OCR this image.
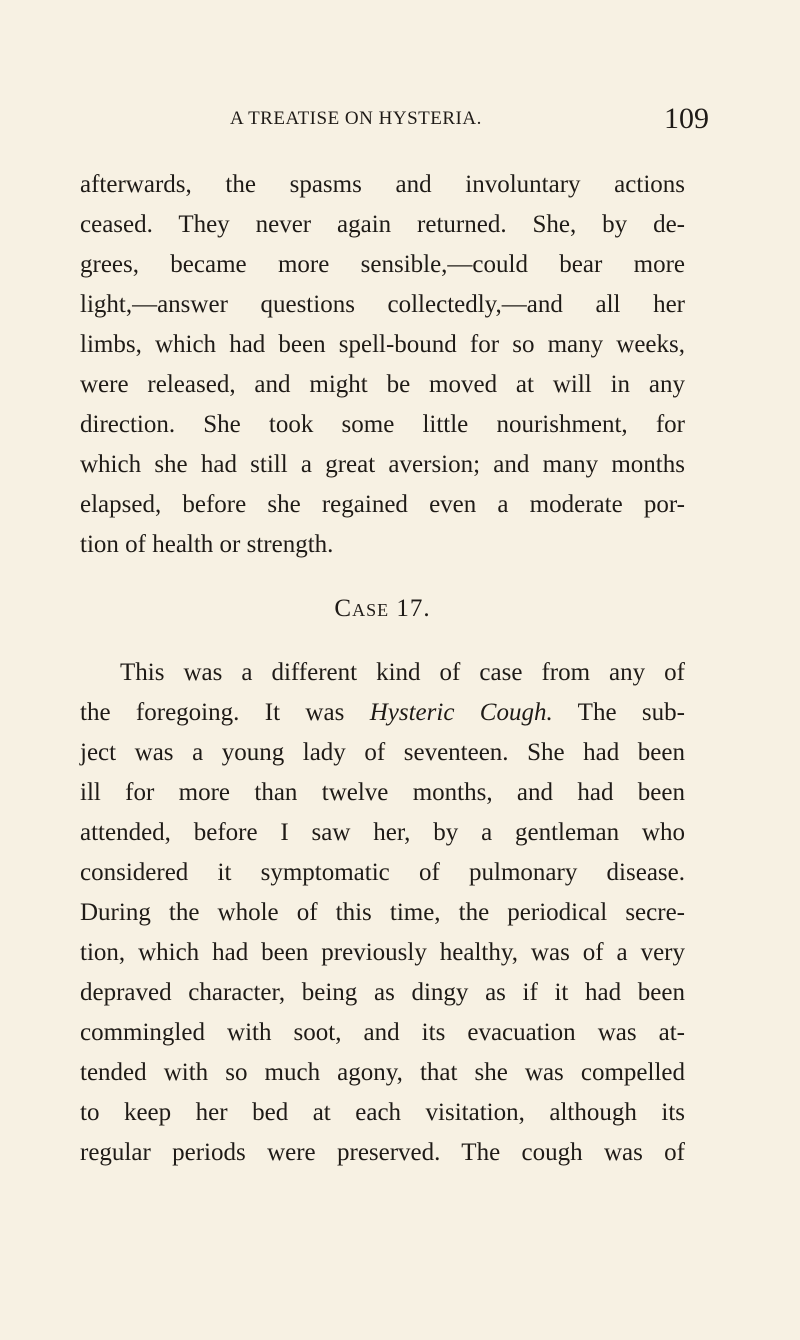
A TREATISE ON HYSTERIA.	109
afterwards, the spasms and involuntary actions
ceased. They never again returned. She, by de-
grees, became more sensible,—could bear more
light,—answer questions collectedly,—and all her
limbs, which had been spell-bound for so many weeks,
were released, and might be moved at will in any
direction. She took some little nourishment, for
which she had still a great aversion; and many months
elapsed, before she regained even a moderate por-
tion of health or strength.
Case 17.
This was a different kind of case from any of
the foregoing. It was Hysteric Cough. The sub-
ject was a young lady of seventeen. She had been
ill for more than twelve months, and had been
attended, before I saw her, by a gentleman who
considered it symptomatic of pulmonary disease.
During the whole of this time, the periodical secre-
tion, which had been previously healthy, was of a very
depraved character, being as dingy as if it had been
commingled with soot, and its evacuation was at-
tended with so much agony, that she was compelled
to keep her bed at each visitation, although its
regular periods were preserved. The cough was of
